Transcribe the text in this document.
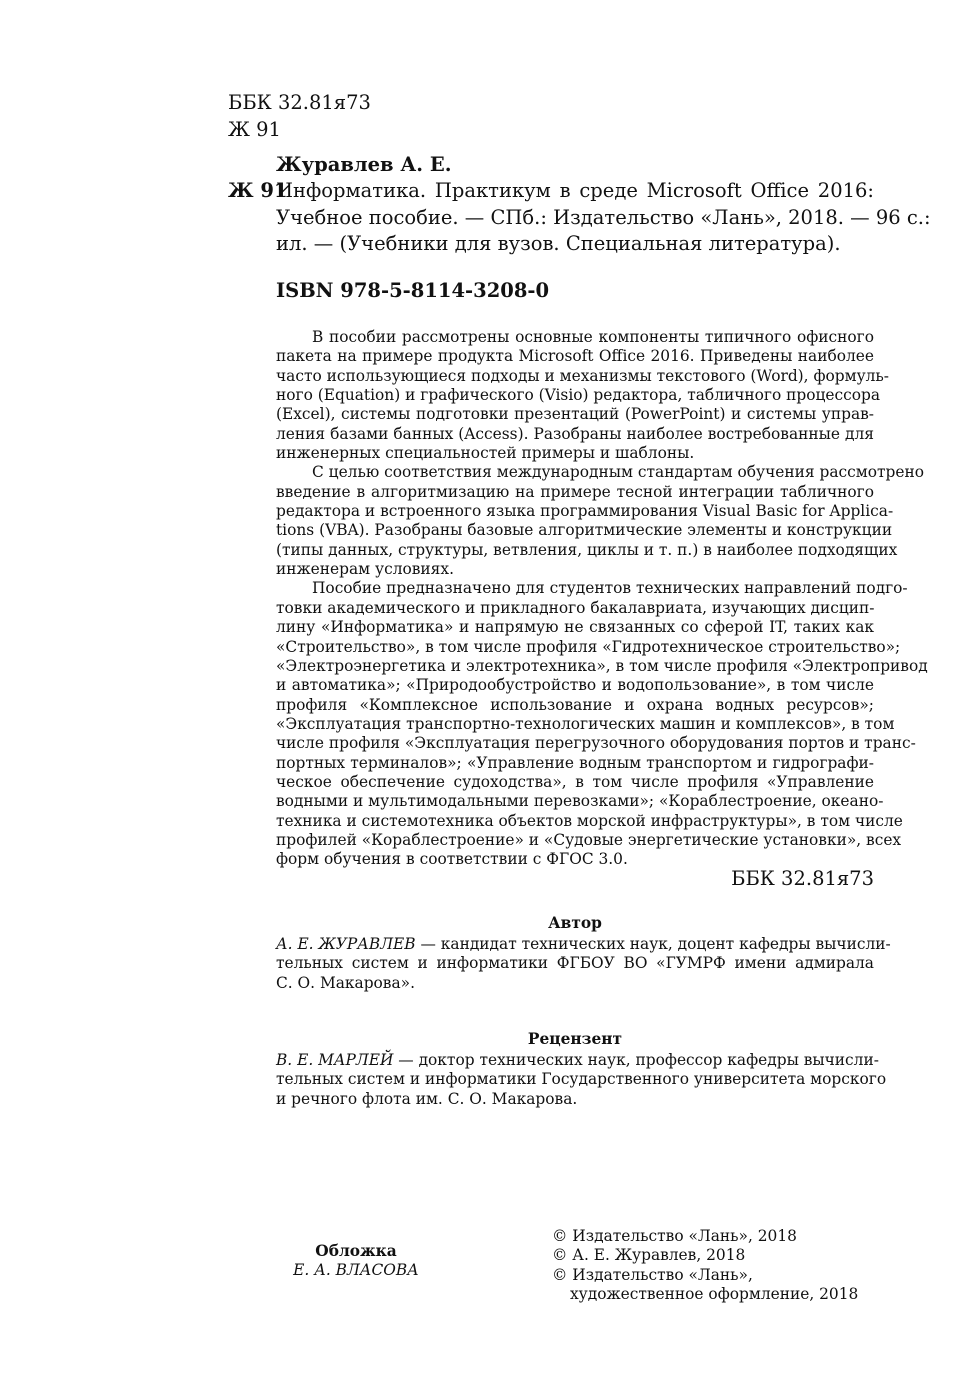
ББК 32.81я73
Ж 91
Журавлев А. Е.
Ж 91
Информатика. Практикум в среде Microsoft Office 2016:
Учебное пособие. — СПб.: Издательство «Лань», 2018. — 96 с.:
ил. — (Учебники для вузов. Специальная литература).
ISBN 978-5-8114-3208-0
В пособии рассмотрены основные компоненты типичного офисного
пакета на примере продукта Microsoft Office 2016. Приведены наиболее
часто использующиеся подходы и механизмы текстового (Word), формуль-
ного (Equation) и графического (Visio) редактора, табличного процессора
(Excel), системы подготовки презентаций (PowerPoint) и системы управ-
ления базами банных (Access). Разобраны наиболее востребованные для
инженерных специальностей примеры и шаблоны.
С целью соответствия международным стандартам обучения рассмотрено
введение в алгоритмизацию на примере тесной интеграции табличного
редактора и встроенного языка программирования Visual Basic for Applica-
tions (VBA). Разобраны базовые алгоритмические элементы и конструкции
(типы данных, структуры, ветвления, циклы и т. п.) в наиболее подходящих
инженерам условиях.
Пособие предназначено для студентов технических направлений подго-
товки академического и прикладного бакалавриата, изучающих дисцип-
лину «Информатика» и напрямую не связанных со сферой IT, таких как
«Строительство», в том числе профиля «Гидротехническое строительство»;
«Электроэнергетика и электротехника», в том числе профиля «Электропривод
и автоматика»; «Природообустройство и водопользование», в том числе
профиля «Комплексное использование и охрана водных ресурсов»;
«Эксплуатация транспортно-технологических машин и комплексов», в том
числе профиля «Эксплуатация перегрузочного оборудования портов и транс-
портных терминалов»; «Управление водным транспортом и гидрографи-
ческое обеспечение судоходства», в том числе профиля «Управление
водными и мультимодальными перевозками»; «Кораблестроение, океано-
техника и системотехника объектов морской инфраструктуры», в том числе
профилей «Кораблестроение» и «Судовые энергетические установки», всех
форм обучения в соответствии с ФГОС 3.0.
ББК 32.81я73
Автор
А. Е. ЖУРАВЛЕВ — кандидат технических наук, доцент кафедры вычисли-
тельных систем и информатики ФГБОУ ВО «ГУМРФ имени адмирала
С. О. Макарова».
Рецензент
В. Е. МАРЛЕЙ — доктор технических наук, профессор кафедры вычисли-
тельных систем и информатики Государственного университета морского
и речного флота им. С. О. Макарова.
Обложка
Е. А. ВЛАСОВА
© Издательство «Лань», 2018
© А. Е. Журавлев, 2018
© Издательство «Лань»,
художественное оформление, 2018
